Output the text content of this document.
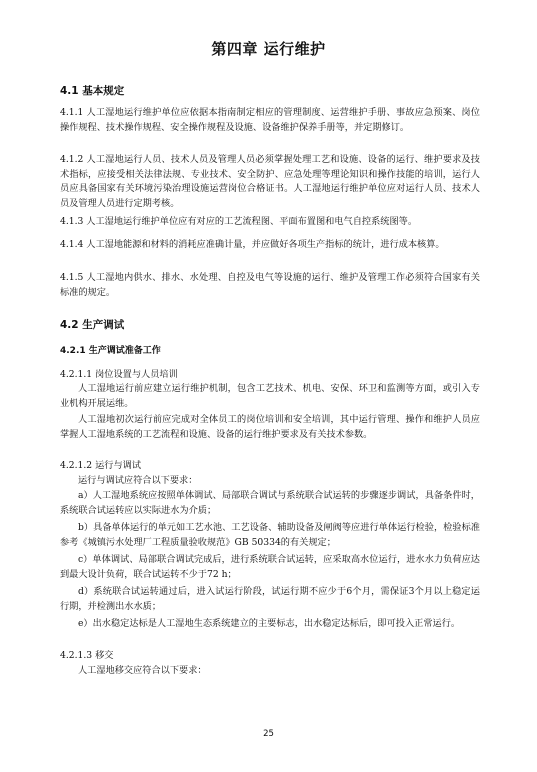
第四章 运行维护
4.1 基本规定

4.1.1 人工湿地运行维护单位应依据本指南制定相应的管理制度、运营维护手册、事故应急预案、岗位操作规程、技术操作规程、安全操作规程及设施、设备维护保养手册等，并定期修订。

4.1.2 人工湿地运行人员、技术人员及管理人员必须掌握处理工艺和设施、设备的运行、维护要求及技术指标，应接受相关法律法规、专业技术、安全防护、应急处理等理论知识和操作技能的培训，运行人员应具备国家有关环境污染治理设施运营岗位合格证书。人工湿地运行维护单位应对运行人员、技术人员及管理人员进行定期考核。

4.1.3 人工湿地运行维护单位应有对应的工艺流程图、平面布置图和电气自控系统图等。

4.1.4 人工湿地能源和材料的消耗应准确计量，并应做好各项生产指标的统计，进行成本核算。

4.1.5 人工湿地内供水、排水、水处理、自控及电气等设施的运行、维护及管理工作必须符合国家有关标准的规定。

4.2 生产调试
4.2.1 生产调试准备工作

4.2.1.1 岗位设置与人员培训

人工湿地运行前应建立运行维护机制，包含工艺技术、机电、安保、环卫和监测等方面，或引入专业机构开展运维。

人工湿地初次运行前应完成对全体员工的岗位培训和安全培训，其中运行管理、操作和维护人员应掌握人工湿地系统的工艺流程和设施、设备的运行维护要求及有关技术参数。

4.2.1.2 运行与调试

运行与调试应符合以下要求：

a）人工湿地系统应按照单体调试、局部联合调试与系统联合试运转的步骤逐步调试，具备条件时，系统联合试运转应以实际进水为介质；

b）具备单体运行的单元如工艺水池、工艺设备、辅助设备及闸阀等应进行单体运行检验，检验标准参考《城镇污水处理厂工程质量验收规范》GB 50334的有关规定；

c）单体调试、局部联合调试完成后，进行系统联合试运转，应采取高水位运行，进水水力负荷应达到最大设计负荷，联合试运转不少于72 h；

d）系统联合试运转通过后，进入试运行阶段，试运行期不应少于6个月，需保证3个月以上稳定运行期，并检测出水水质；

e）出水稳定达标是人工湿地生态系统建立的主要标志，出水稳定达标后，即可投入正常运行。

4.2.1.3 移交

人工湿地移交应符合以下要求：

25
